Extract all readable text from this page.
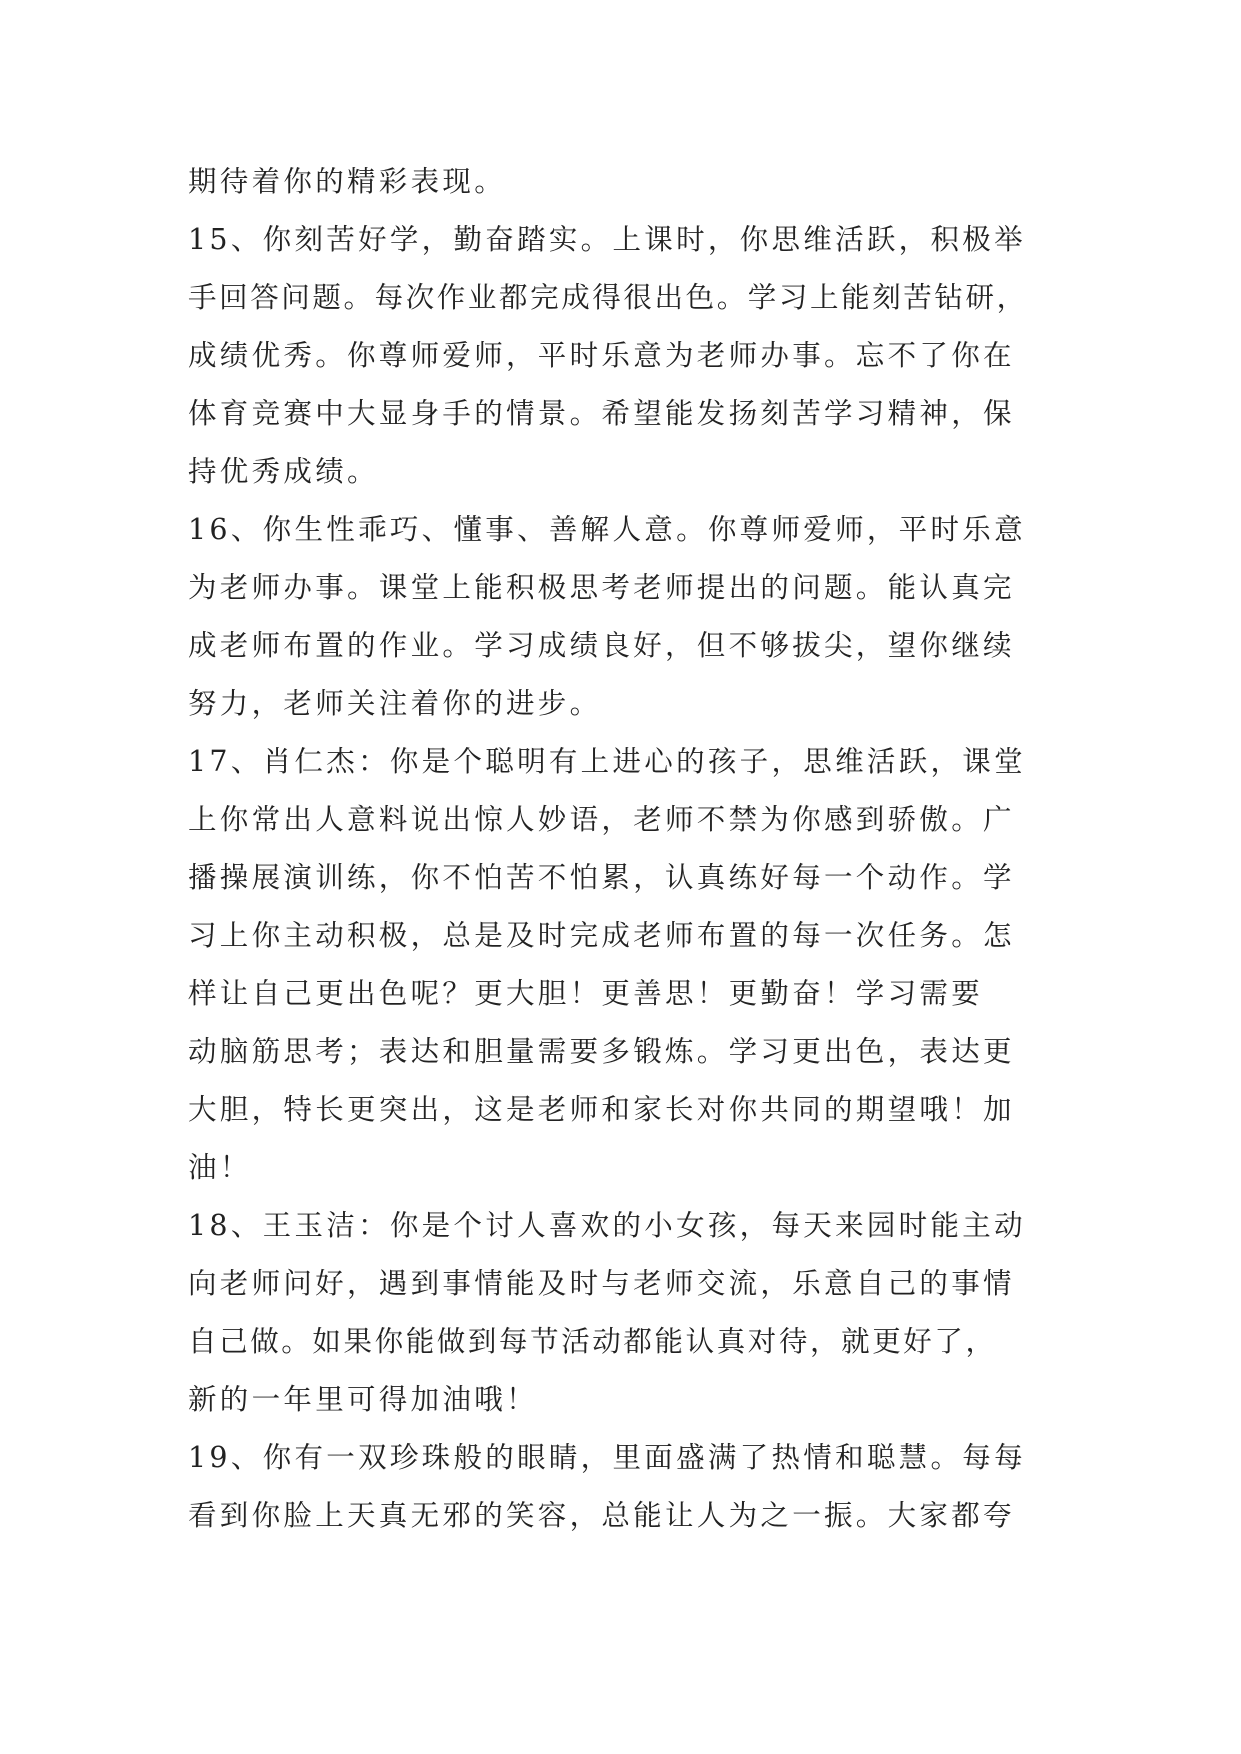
期待着你的精彩表现。
15、你刻苦好学，勤奋踏实。上课时，你思维活跃，积极举
手回答问题。每次作业都完成得很出色。学习上能刻苦钻研，
成绩优秀。你尊师爱师，平时乐意为老师办事。忘不了你在
体育竞赛中大显身手的情景。希望能发扬刻苦学习精神，保
持优秀成绩。
16、你生性乖巧、懂事、善解人意。你尊师爱师，平时乐意
为老师办事。课堂上能积极思考老师提出的问题。能认真完
成老师布置的作业。学习成绩良好，但不够拔尖，望你继续
努力，老师关注着你的进步。
17、肖仁杰：你是个聪明有上进心的孩子，思维活跃，课堂
上你常出人意料说出惊人妙语，老师不禁为你感到骄傲。广
播操展演训练，你不怕苦不怕累，认真练好每一个动作。学
习上你主动积极，总是及时完成老师布置的每一次任务。怎
样让自己更出色呢？更大胆！更善思！更勤奋！学习需要
动脑筋思考；表达和胆量需要多锻炼。学习更出色，表达更
大胆，特长更突出，这是老师和家长对你共同的期望哦！加
油！
18、王玉洁：你是个讨人喜欢的小女孩，每天来园时能主动
向老师问好，遇到事情能及时与老师交流，乐意自己的事情
自己做。如果你能做到每节活动都能认真对待，就更好了，
新的一年里可得加油哦！
19、你有一双珍珠般的眼睛，里面盛满了热情和聪慧。每每
看到你脸上天真无邪的笑容，总能让人为之一振。大家都夸
